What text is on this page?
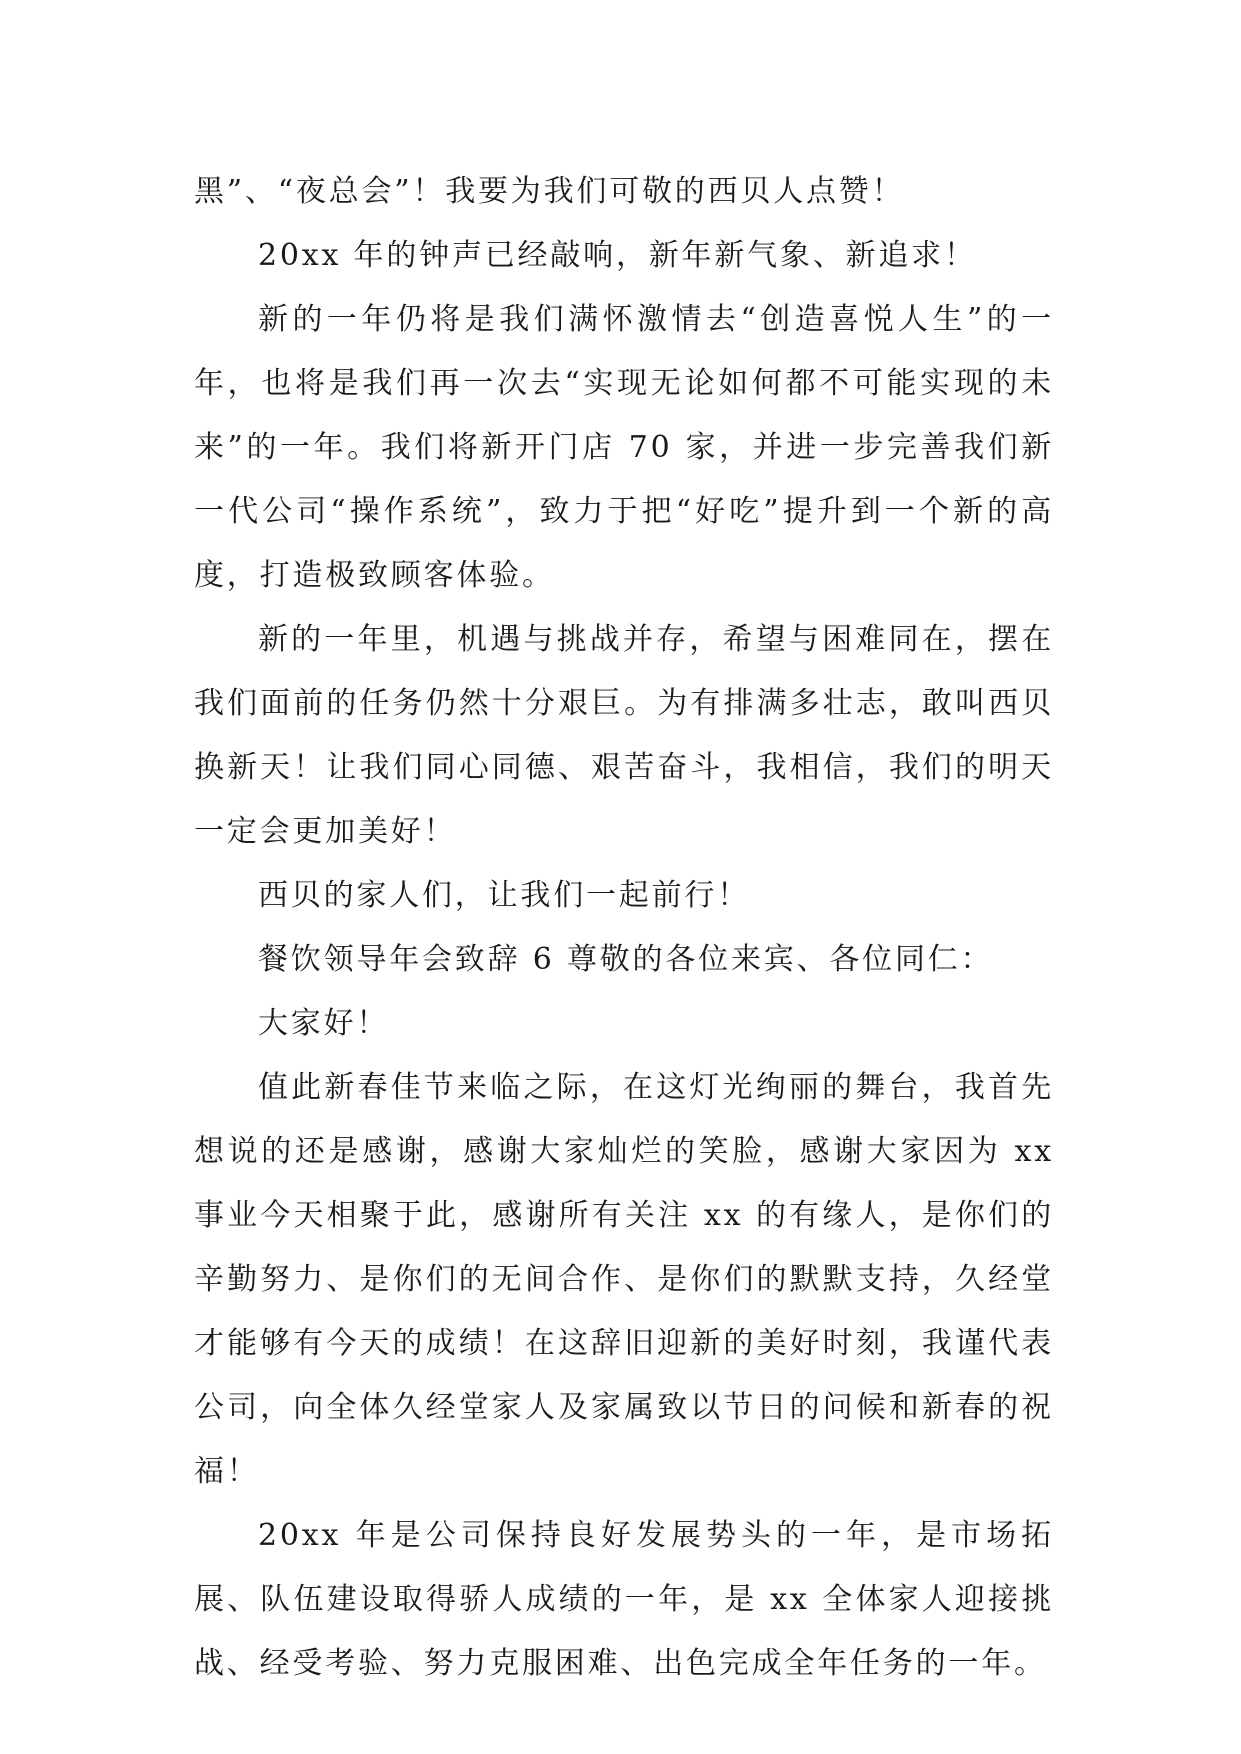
黑”、“夜总会”！我要为我们可敬的西贝人点赞！

20xx 年的钟声已经敲响，新年新气象、新追求！

新的一年仍将是我们满怀激情去“创造喜悦人生”的一年，也将是我们再一次去“实现无论如何都不可能实现的未来”的一年。我们将新开门店 70 家，并进一步完善我们新一代公司“操作系统”，致力于把“好吃”提升到一个新的高度，打造极致顾客体验。

新的一年里，机遇与挑战并存，希望与困难同在，摆在我们面前的任务仍然十分艰巨。为有排满多壮志，敢叫西贝换新天！让我们同心同德、艰苦奋斗，我相信，我们的明天一定会更加美好！

西贝的家人们，让我们一起前行！

餐饮领导年会致辞 6 尊敬的各位来宾、各位同仁：

大家好！

值此新春佳节来临之际，在这灯光绚丽的舞台，我首先想说的还是感谢，感谢大家灿烂的笑脸，感谢大家因为 xx 事业今天相聚于此，感谢所有关注 xx 的有缘人，是你们的辛勤努力、是你们的无间合作、是你们的默默支持，久经堂才能够有今天的成绩！在这辞旧迎新的美好时刻，我谨代表公司，向全体久经堂家人及家属致以节日的问候和新春的祝福！

20xx 年是公司保持良好发展势头的一年，是市场拓展、队伍建设取得骄人成绩的一年，是 xx 全体家人迎接挑战、经受考验、努力克服困难、出色完成全年任务的一年。
